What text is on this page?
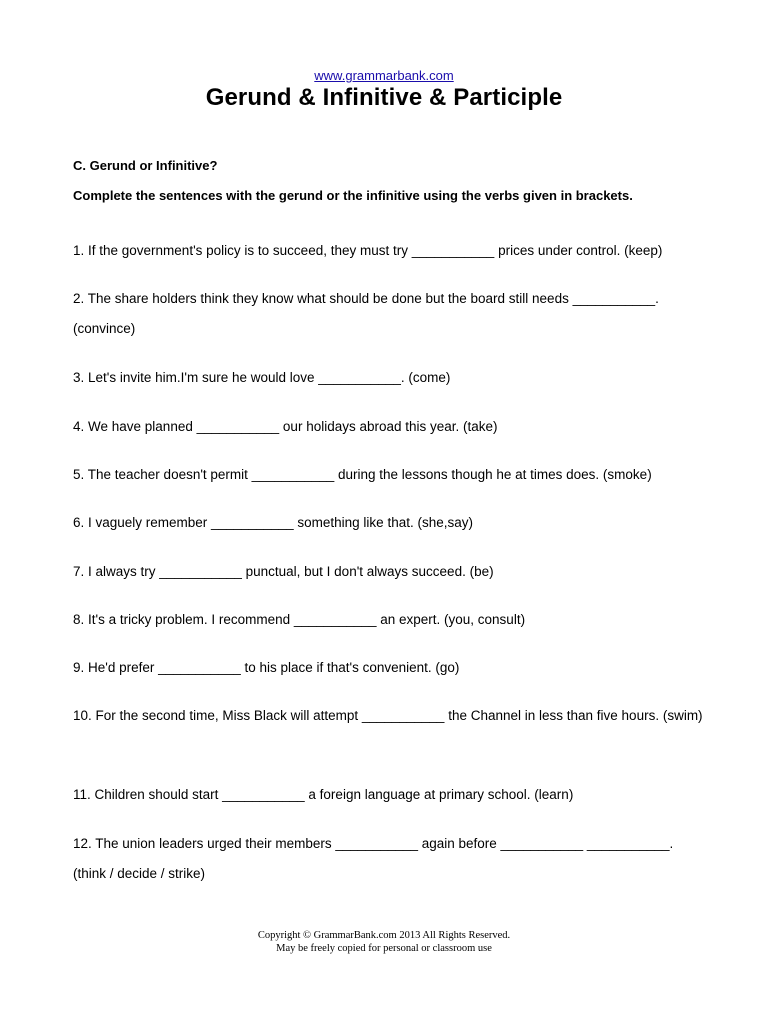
www.grammarbank.com
Gerund & Infinitive & Participle
C. Gerund or Infinitive?
Complete the sentences with the gerund or the infinitive using the verbs given in brackets.
1. If the government's policy is to succeed, they must try ___________ prices under control. (keep)
2. The share holders think they know what should be done but the board still needs ___________. (convince)
3. Let's invite him.I'm sure he would love ___________. (come)
4. We have planned ___________ our holidays abroad this year. (take)
5. The teacher doesn't permit ___________ during the lessons though he at times does. (smoke)
6. I vaguely remember ___________ something like that. (she,say)
7. I always try ___________ punctual, but I don't always succeed. (be)
8. It's a tricky problem. I recommend ___________ an expert. (you, consult)
9. He'd prefer ___________ to his place if that's convenient. (go)
10. For the second time, Miss Black will attempt ___________ the Channel in less than five hours. (swim)
11. Children should start ___________ a foreign language at primary school. (learn)
12. The union leaders urged their members ___________ again before ___________ ___________. (think / decide / strike)
Copyright © GrammarBank.com 2013 All Rights Reserved.
May be freely copied for personal or classroom use
